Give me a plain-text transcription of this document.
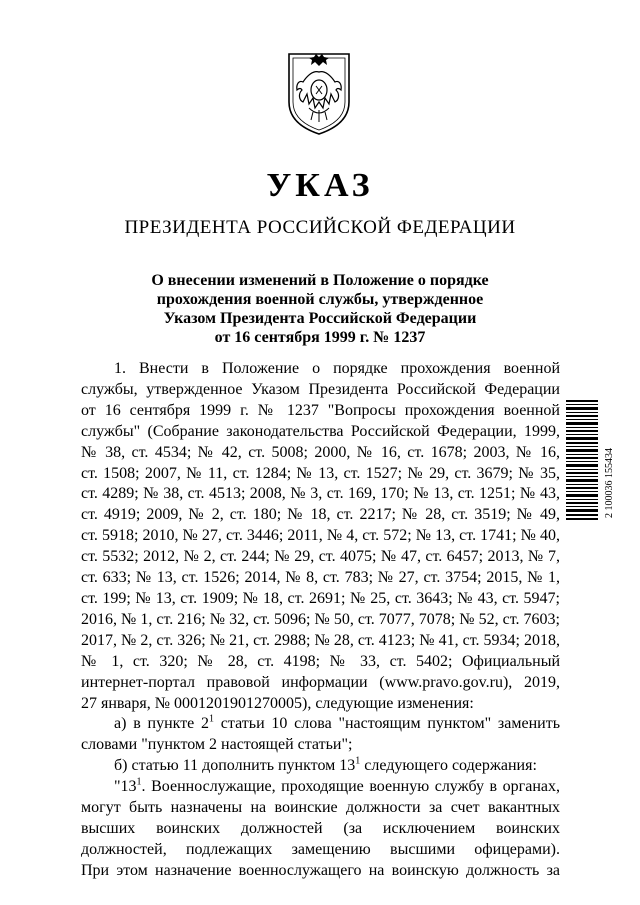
УКАЗ
ПРЕЗИДЕНТА РОССИЙСКОЙ ФЕДЕРАЦИИ
О внесении изменений в Положение о порядке
прохождения военной службы, утвержденное
Указом Президента Российской Федерации
от 16 сентября 1999 г. № 1237
1. Внести в Положение о порядке прохождения военной
службы, утвержденное Указом Президента Российской Федерации
от 16 сентября 1999 г. № 1237 "Вопросы прохождения военной
службы" (Собрание законодательства Российской Федерации, 1999,
№ 38, ст. 4534; № 42, ст. 5008; 2000, № 16, ст. 1678; 2003, № 16,
ст. 1508; 2007, № 11, ст. 1284; № 13, ст. 1527; № 29, ст. 3679; № 35,
ст. 4289; № 38, ст. 4513; 2008, № 3, ст. 169, 170; № 13, ст. 1251; № 43,
ст. 4919; 2009, № 2, ст. 180; № 18, ст. 2217; № 28, ст. 3519; № 49,
ст. 5918; 2010, № 27, ст. 3446; 2011, № 4, ст. 572; № 13, ст. 1741; № 40,
ст. 5532; 2012, № 2, ст. 244; № 29, ст. 4075; № 47, ст. 6457; 2013, № 7,
ст. 633; № 13, ст. 1526; 2014, № 8, ст. 783; № 27, ст. 3754; 2015, № 1,
ст. 199; № 13, ст. 1909; № 18, ст. 2691; № 25, ст. 3643; № 43, ст. 5947;
2016, № 1, ст. 216; № 32, ст. 5096; № 50, ст. 7077, 7078; № 52, ст. 7603;
2017, № 2, ст. 326; № 21, ст. 2988; № 28, ст. 4123; № 41, ст. 5934; 2018,
№ 1, ст. 320; № 28, ст. 4198; № 33, ст. 5402; Официальный
интернет-портал правовой информации (www.pravo.gov.ru), 2019,
27 января, № 0001201901270005), следующие изменения:
а) в пункте $2^1$ статьи 10 слова "настоящим пунктом" заменить
словами "пунктом 2 настоящей статьи";
б) статью 11 дополнить пунктом $13^1$ следующего содержания:
"$13^1$. Военнослужащие, проходящие военную службу в органах,
могут быть назначены на воинские должности за счет вакантных
высших воинских должностей (за исключением воинских
должностей, подлежащих замещению высшими офицерами).
При этом назначение военнослужащего на воинскую должность за
2 100036 155434
